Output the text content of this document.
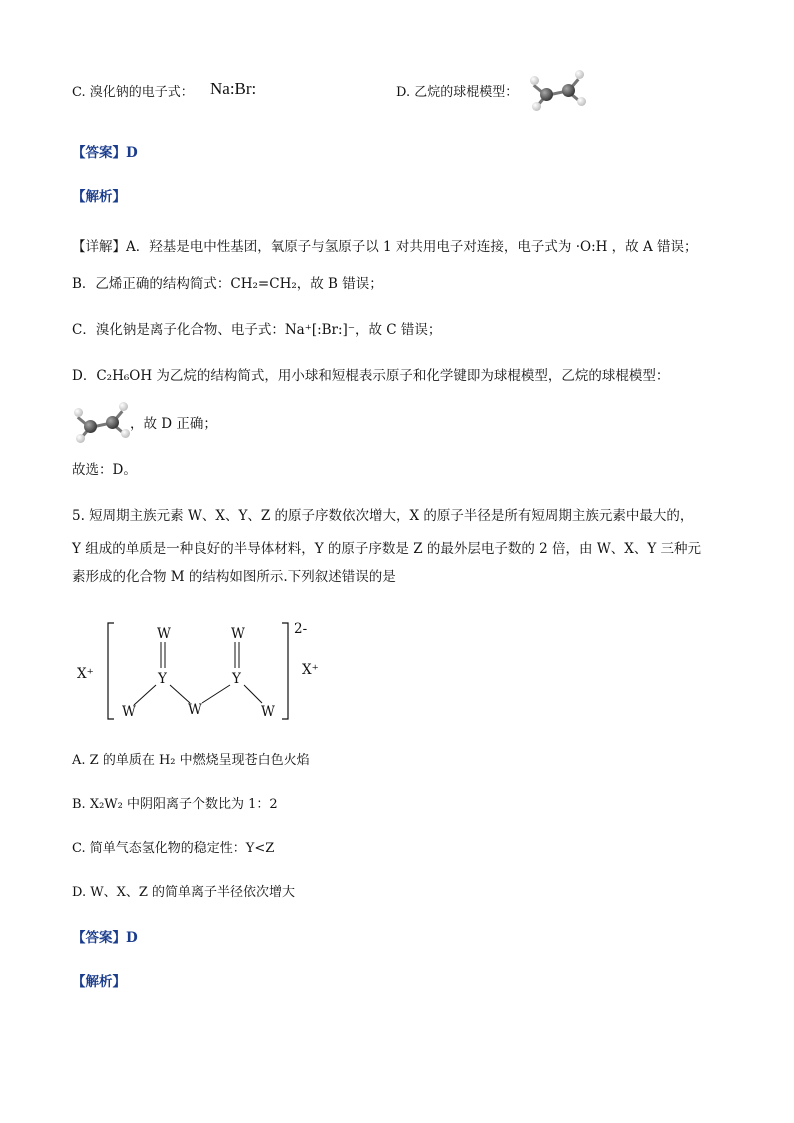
C. 溴化钠的电子式： Na:Br:	D. 乙烷的球棍模型：
【答案】D
【解析】
【详解】A．羟基是电中性基团，氧原子与氢原子以 1 对共用电子对连接，电子式为 ·O:H ，故 A 错误；
B．乙烯正确的结构简式：CH₂=CH₂，故 B 错误；
C．溴化钠是离子化合物、电子式：Na⁺[:Br:]⁻，故 C 错误；
D．C₂H₆OH 为乙烷的结构简式，用小球和短棍表示原子和化学键即为球棍模型，乙烷的球棍模型：
，故 D 正确；
故选：D。
5. 短周期主族元素 W、X、Y、Z 的原子序数依次增大，X 的原子半径是所有短周期主族元素中最大的，
Y 组成的单质是一种良好的半导体材料，Y 的原子序数是 Z 的最外层电子数的 2 倍，由 W、X、Y 三种元
素形成的化合物 M 的结构如图所示.下列叙述错误的是
X⁺
2-
X⁺
W	W
Y	Y
W	W	W
A. Z 的单质在 H₂ 中燃烧呈现苍白色火焰
B. X₂W₂ 中阴阳离子个数比为 1：2
C. 简单气态氢化物的稳定性：Y<Z
D. W、X、Z 的简单离子半径依次增大
【答案】D
【解析】
